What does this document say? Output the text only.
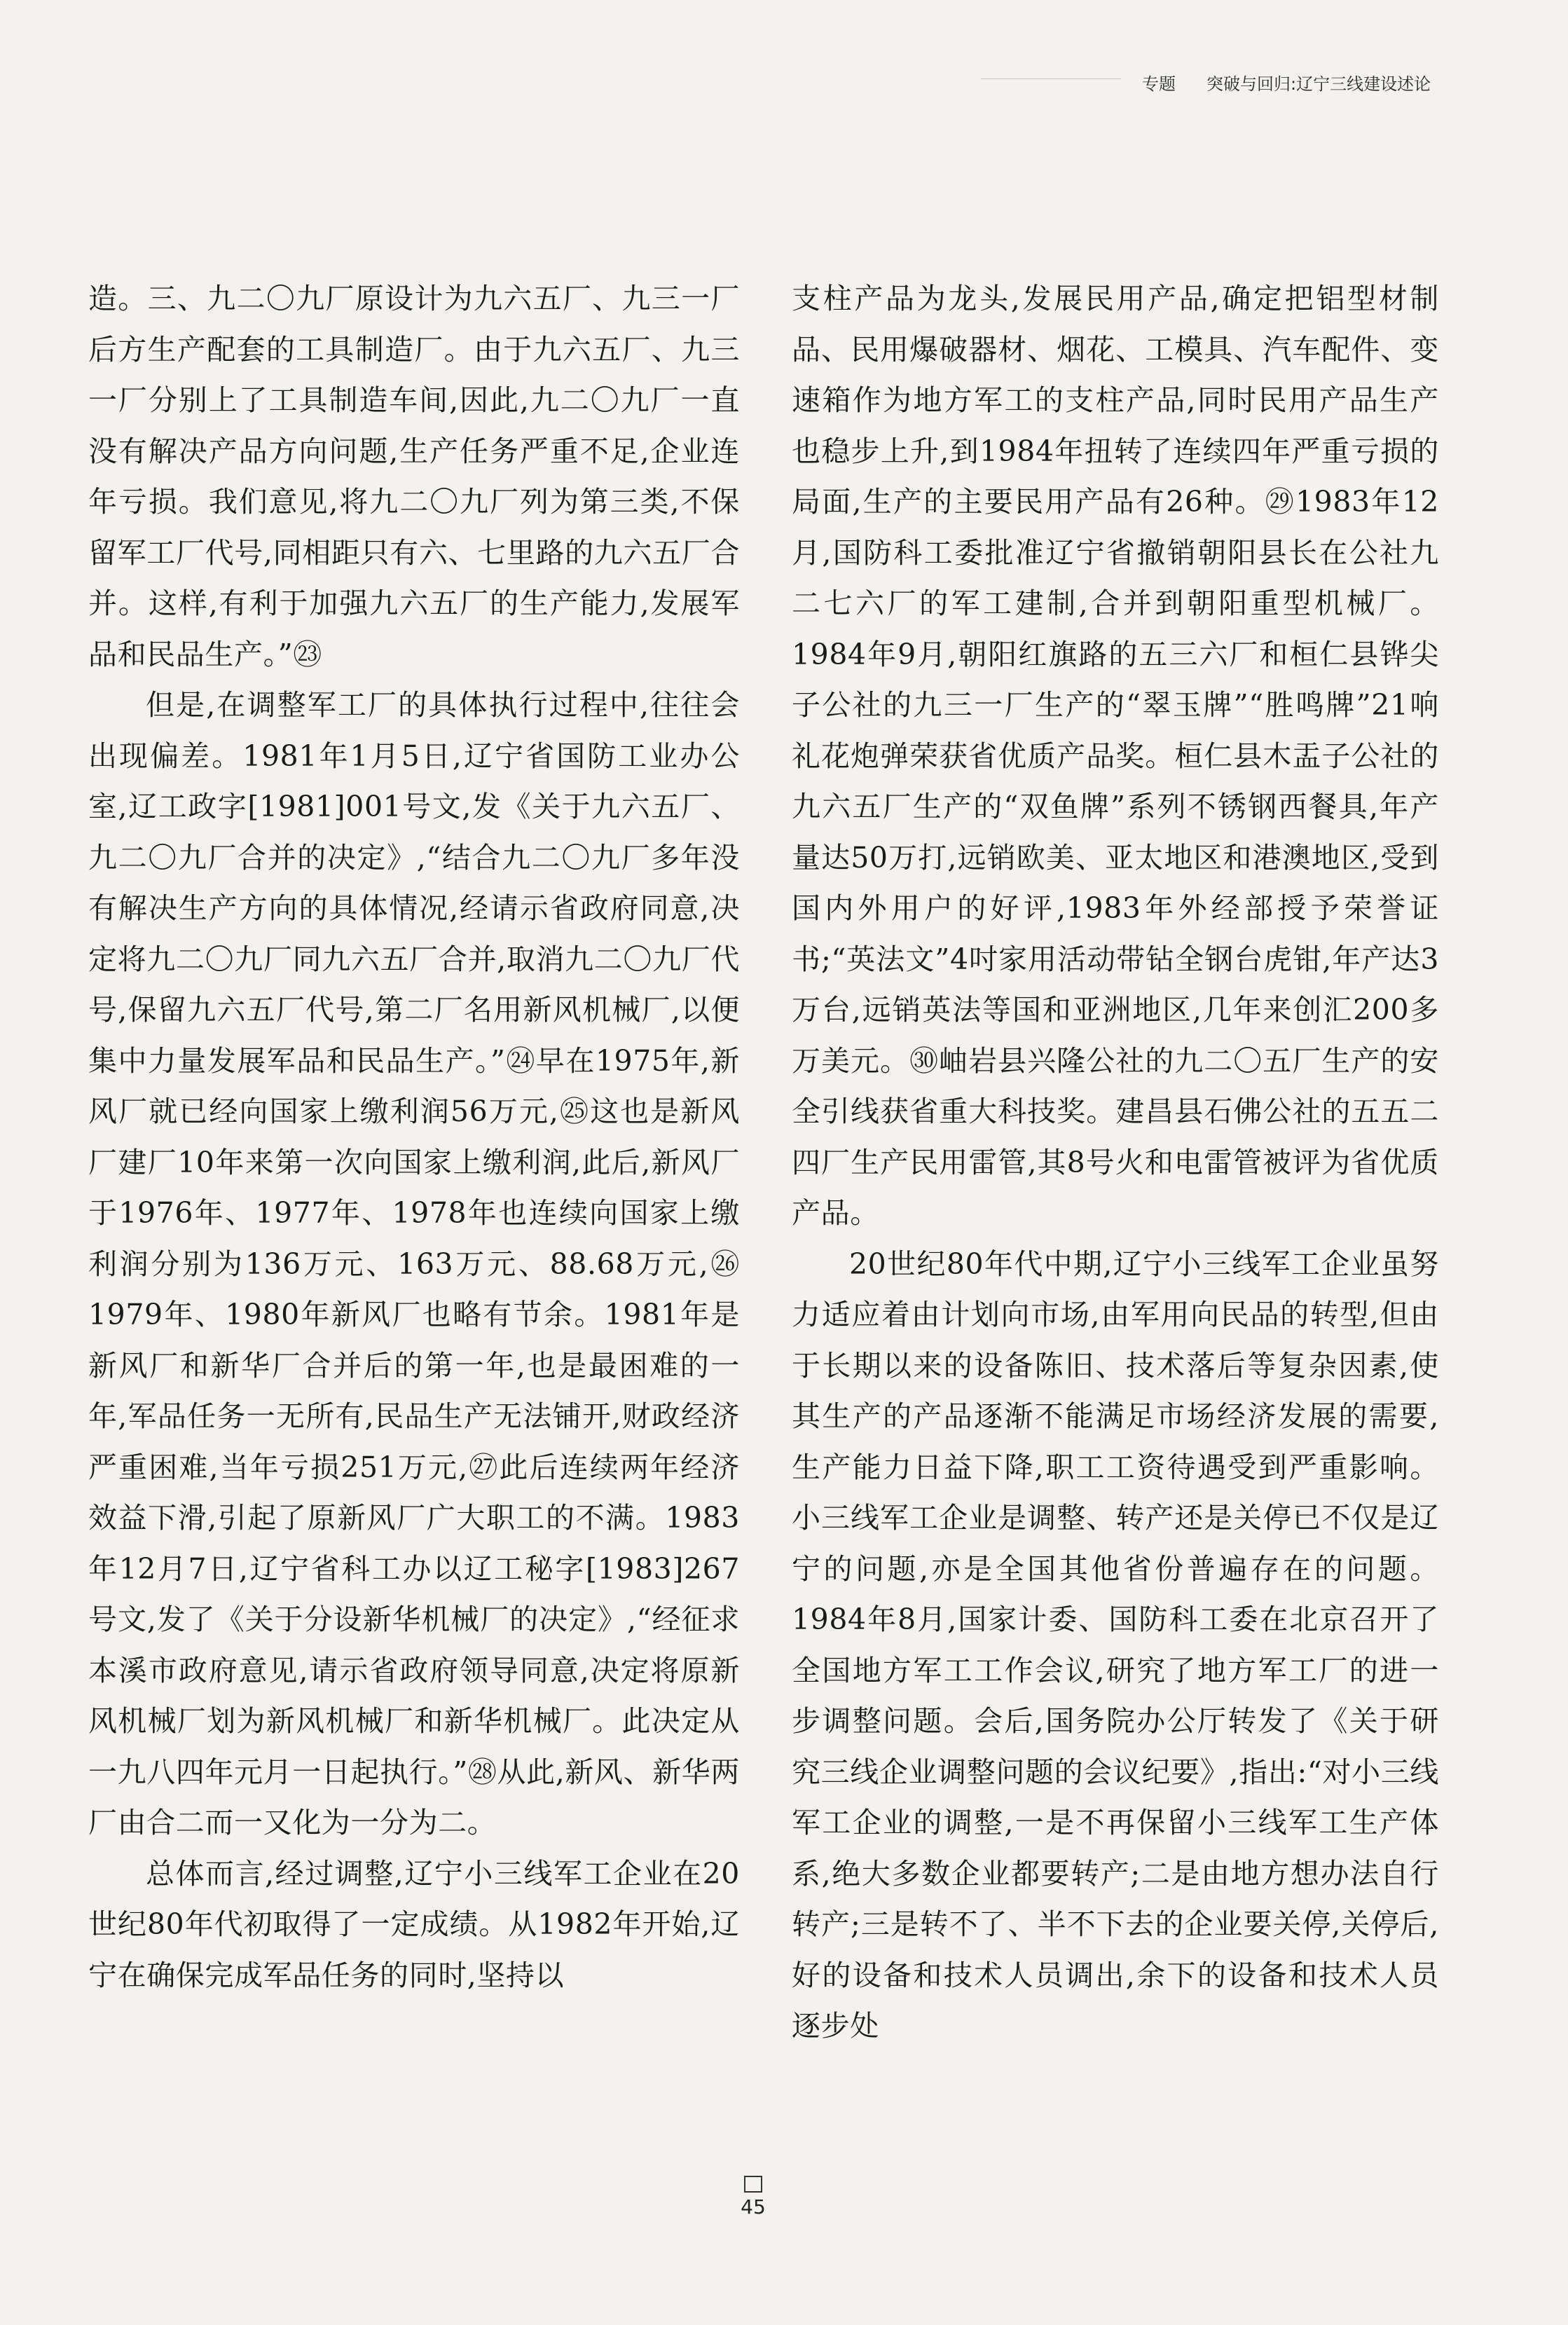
专题 突破与回归:辽宁三线建设述论

造。三、九二〇九厂原设计为九六五厂、九三一厂后方生产配套的工具制造厂。由于九六五厂、九三一厂分别上了工具制造车间,因此,九二〇九厂一直没有解决产品方向问题,生产任务严重不足,企业连年亏损。我们意见,将九二〇九厂列为第三类,不保留军工厂代号,同相距只有六、七里路的九六五厂合并。这样,有利于加强九六五厂的生产能力,发展军品和民品生产。”㉓

但是,在调整军工厂的具体执行过程中,往往会出现偏差。1981年1月5日,辽宁省国防工业办公室,辽工政字[1981]001号文,发《关于九六五厂、九二〇九厂合并的决定》,“结合九二〇九厂多年没有解决生产方向的具体情况,经请示省政府同意,决定将九二〇九厂同九六五厂合并,取消九二〇九厂代号,保留九六五厂代号,第二厂名用新风机械厂,以便集中力量发展军品和民品生产。”㉔早在1975年,新风厂就已经向国家上缴利润56万元,㉕这也是新风厂建厂10年来第一次向国家上缴利润,此后,新风厂于1976年、1977年、1978年也连续向国家上缴利润分别为136万元、163万元、88.68万元,㉖1979年、1980年新风厂也略有节余。1981年是新风厂和新华厂合并后的第一年,也是最困难的一年,军品任务一无所有,民品生产无法铺开,财政经济严重困难,当年亏损251万元,㉗此后连续两年经济效益下滑,引起了原新风厂广大职工的不满。1983年12月7日,辽宁省科工办以辽工秘字[1983]267号文,发了《关于分设新华机械厂的决定》,“经征求本溪市政府意见,请示省政府领导同意,决定将原新风机械厂划为新风机械厂和新华机械厂。此决定从一九八四年元月一日起执行。”㉘从此,新风、新华两厂由合二而一又化为一分为二。

总体而言,经过调整,辽宁小三线军工企业在20世纪80年代初取得了一定成绩。从1982年开始,辽宁在确保完成军品任务的同时,坚持以

支柱产品为龙头,发展民用产品,确定把铝型材制品、民用爆破器材、烟花、工模具、汽车配件、变速箱作为地方军工的支柱产品,同时民用产品生产也稳步上升,到1984年扭转了连续四年严重亏损的局面,生产的主要民用产品有26种。㉙1983年12月,国防科工委批准辽宁省撤销朝阳县长在公社九二七六厂的军工建制,合并到朝阳重型机械厂。1984年9月,朝阳红旗路的五三六厂和桓仁县铧尖子公社的九三一厂生产的“翠玉牌”“胜鸣牌”21响礼花炮弹荣获省优质产品奖。桓仁县木盂子公社的九六五厂生产的“双鱼牌”系列不锈钢西餐具,年产量达50万打,远销欧美、亚太地区和港澳地区,受到国内外用户的好评,1983年外经部授予荣誉证书;“英法文”4吋家用活动带钻全钢台虎钳,年产达3万台,远销英法等国和亚洲地区,几年来创汇200多万美元。㉚岫岩县兴隆公社的九二〇五厂生产的安全引线获省重大科技奖。建昌县石佛公社的五五二四厂生产民用雷管,其8号火和电雷管被评为省优质产品。

20世纪80年代中期,辽宁小三线军工企业虽努力适应着由计划向市场,由军用向民品的转型,但由于长期以来的设备陈旧、技术落后等复杂因素,使其生产的产品逐渐不能满足市场经济发展的需要,生产能力日益下降,职工工资待遇受到严重影响。小三线军工企业是调整、转产还是关停已不仅是辽宁的问题,亦是全国其他省份普遍存在的问题。1984年8月,国家计委、国防科工委在北京召开了全国地方军工工作会议,研究了地方军工厂的进一步调整问题。会后,国务院办公厅转发了《关于研究三线企业调整问题的会议纪要》,指出:“对小三线军工企业的调整,一是不再保留小三线军工生产体系,绝大多数企业都要转产;二是由地方想办法自行转产;三是转不了、半不下去的企业要关停,关停后,好的设备和技术人员调出,余下的设备和技术人员逐步处

45
